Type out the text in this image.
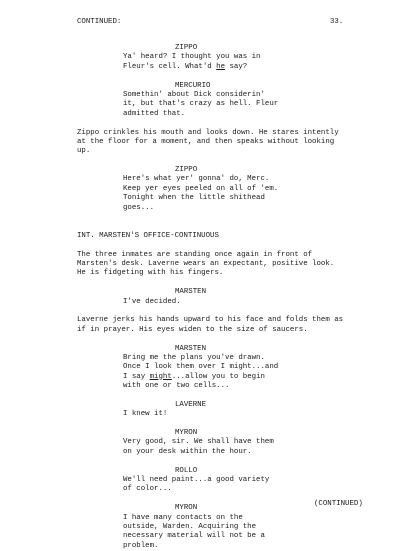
CONTINUED:	33.
ZIPPO
Ya' heard? I thought you was in
Fleur's cell. What'd he say?
MERCURIO
Somethin' about Dick considerin'
it, but that's crazy as hell. Fleur
admitted that.
Zippo crinkles his mouth and looks down. He stares intently
at the floor for a moment, and then speaks without looking
up.
ZIPPO
Here's what yer' gonna' do, Merc.
Keep yer eyes peeled on all of 'em.
Tonight when the little shithead
goes...
INT. MARSTEN'S OFFICE-CONTINUOUS
The three inmates are standing once again in front of
Marsten's desk. Laverne wears an expectant, positive look.
He is fidgeting with his fingers.
MARSTEN
I've decided.
Laverne jerks his hands upward to his face and folds them as
if in prayer. His eyes widen to the size of saucers.
MARSTEN
Bring me the plans you've drawn.
Once I look them over I might...and
I say might...allow you to begin
with one or two cells...
LAVERNE
I knew it!
MYRON
Very good, sir. We shall have them
on your desk within the hour.
ROLLO
We'll need paint...a good variety
of color...
MYRON
I have many contacts on the
outside, Warden. Acquiring the
necessary material will not be a
problem.
(CONTINUED)
